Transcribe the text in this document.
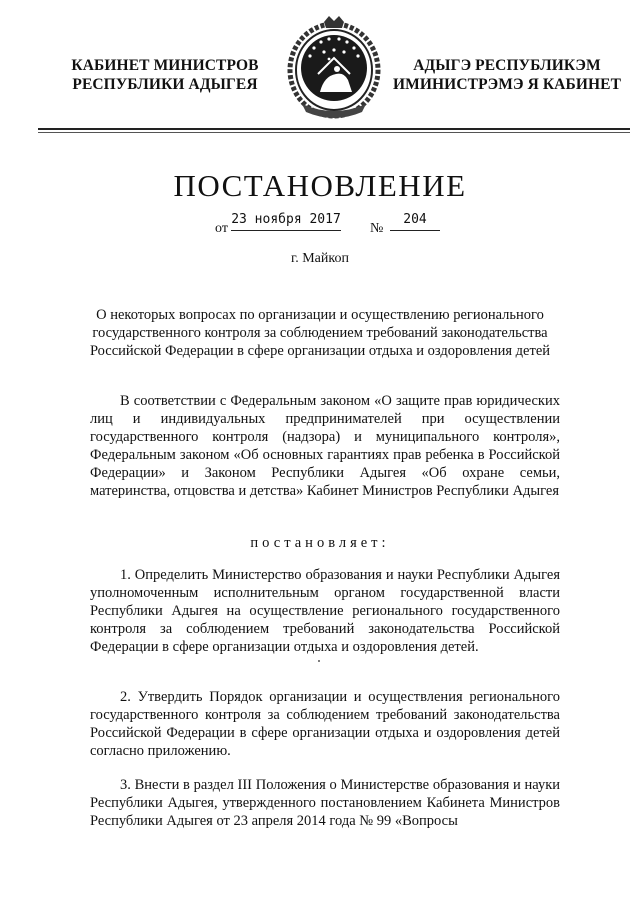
КАБИНЕТ МИНИСТРОВ
РЕСПУБЛИКИ АДЫГЕЯ
АДЫГЭ РЕСПУБЛИКЭМ
ИМИНИСТРЭМЭ Я КАБИНЕТ
ПОСТАНОВЛЕНИЕ
от
23 ноября 2017
№
204
г. Майкоп
О некоторых вопросах по организации и осуществлению регионального государственного контроля за соблюдением требований законодательства Российской Федерации в сфере организации отдыха и оздоровления детей
В соответствии с Федеральным законом «О защите прав юридических лиц и индивидуальных предпринимателей при осуществлении государственного контроля (надзора) и муниципального контроля», Федеральным законом «Об основных гарантиях прав ребенка в Российской Федерации» и Законом Республики Адыгея «Об охране семьи, материнства, отцовства и детства» Кабинет Министров Республики Адыгея
постановляет:
1. Определить Министерство образования и науки Республики Адыгея уполномоченным исполнительным органом государственной власти Республики Адыгея на осуществление регионального государственного контроля за соблюдением требований законодательства Российской Федерации в сфере организации отдыха и оздоровления детей.
2. Утвердить Порядок организации и осуществления регионального государственного контроля за соблюдением требований законодательства Российской Федерации в сфере организации отдыха и оздоровления детей согласно приложению.
3. Внести в раздел III Положения о Министерстве образования и науки Республики Адыгея, утвержденного постановлением Кабинета Министров Республики Адыгея от 23 апреля 2014 года № 99 «Вопросы
